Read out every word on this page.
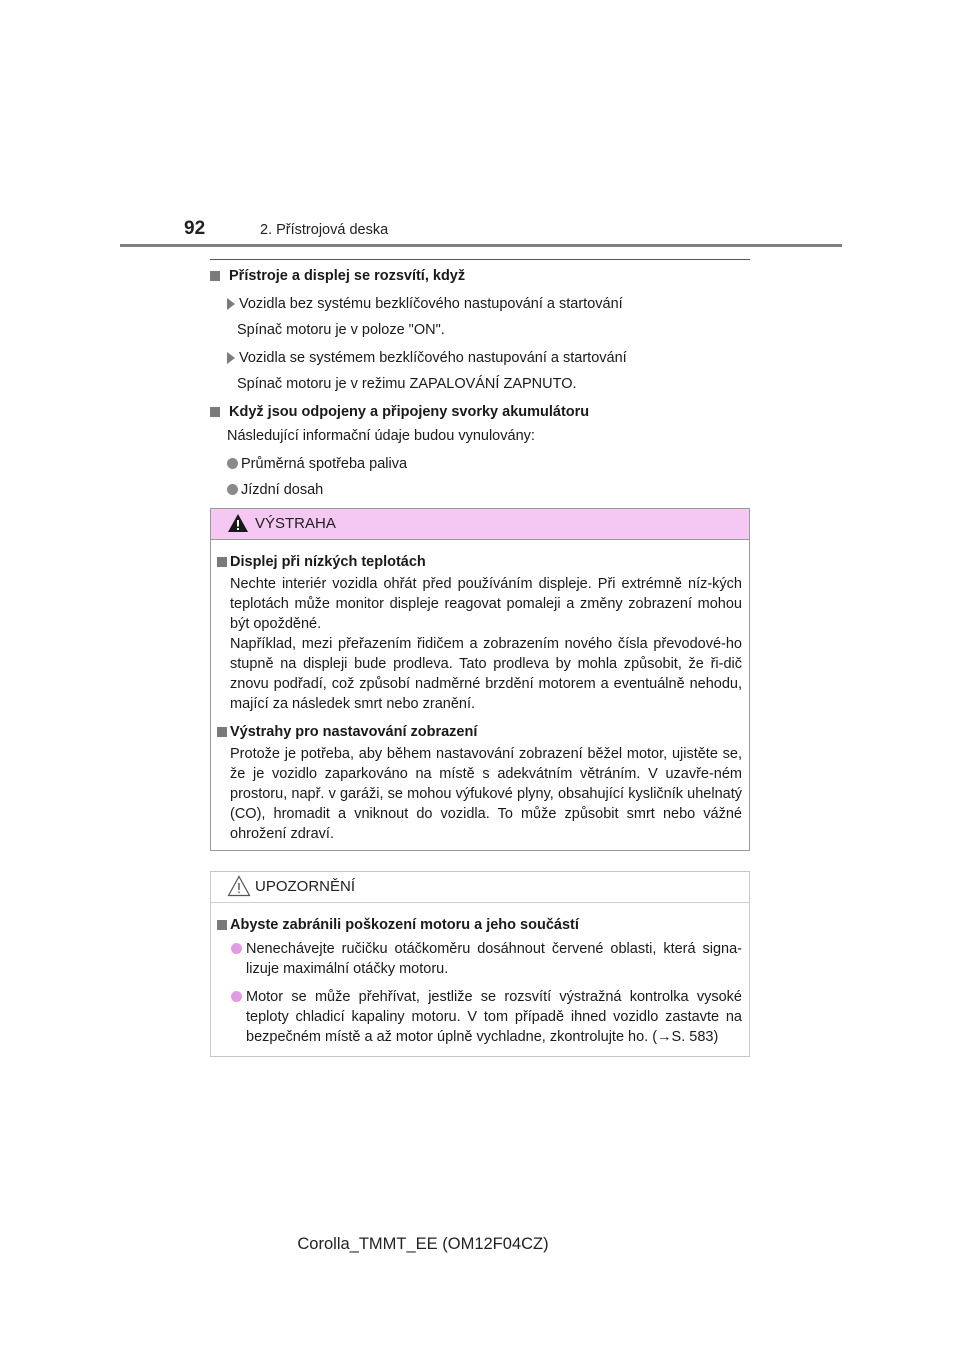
92	2. Přístrojová deska
Přístroje a displej se rozsvítí, když
Vozidla bez systému bezklíčového nastupování a startování
Spínač motoru je v poloze "ON".
Vozidla se systémem bezklíčového nastupování a startování
Spínač motoru je v režimu ZAPALOVÁNÍ ZAPNUTO.
Když jsou odpojeny a připojeny svorky akumulátoru
Následující informační údaje budou vynulovány:
Průměrná spotřeba paliva
Jízdní dosah
VÝSTRAHA
Displej při nízkých teplotách
Nechte interiér vozidla ohřát před používáním displeje. Při extrémně níz-kých teplotách může monitor displeje reagovat pomaleji a změny zobrazení mohou být opožděné.
Například, mezi přeřazením řidičem a zobrazením nového čísla převodové-ho stupně na displeji bude prodleva. Tato prodleva by mohla způsobit, že ři-dič znovu podřadí, což způsobí nadměrné brzdění motorem a eventuálně nehodu, mající za následek smrt nebo zranění.
Výstrahy pro nastavování zobrazení
Protože je potřeba, aby během nastavování zobrazení běžel motor, ujistěte se, že je vozidlo zaparkováno na místě s adekvátním větráním. V uzavře-ném prostoru, např. v garáži, se mohou výfukové plyny, obsahující kysličník uhelnatý (CO), hromadit a vniknout do vozidla. To může způsobit smrt nebo vážné ohrožení zdraví.
UPOZORNĚNÍ
Abyste zabránili poškození motoru a jeho součástí
Nenechávejte ručičku otáčkoměru dosáhnout červené oblasti, která signa-lizuje maximální otáčky motoru.
Motor se může přehřívat, jestliže se rozsvítí výstražná kontrolka vysoké teploty chladicí kapaliny motoru. V tom případě ihned vozidlo zastavte na bezpečném místě a až motor úplně vychladne, zkontrolujte ho. (→S. 583)
Corolla_TMMT_EE (OM12F04CZ)
